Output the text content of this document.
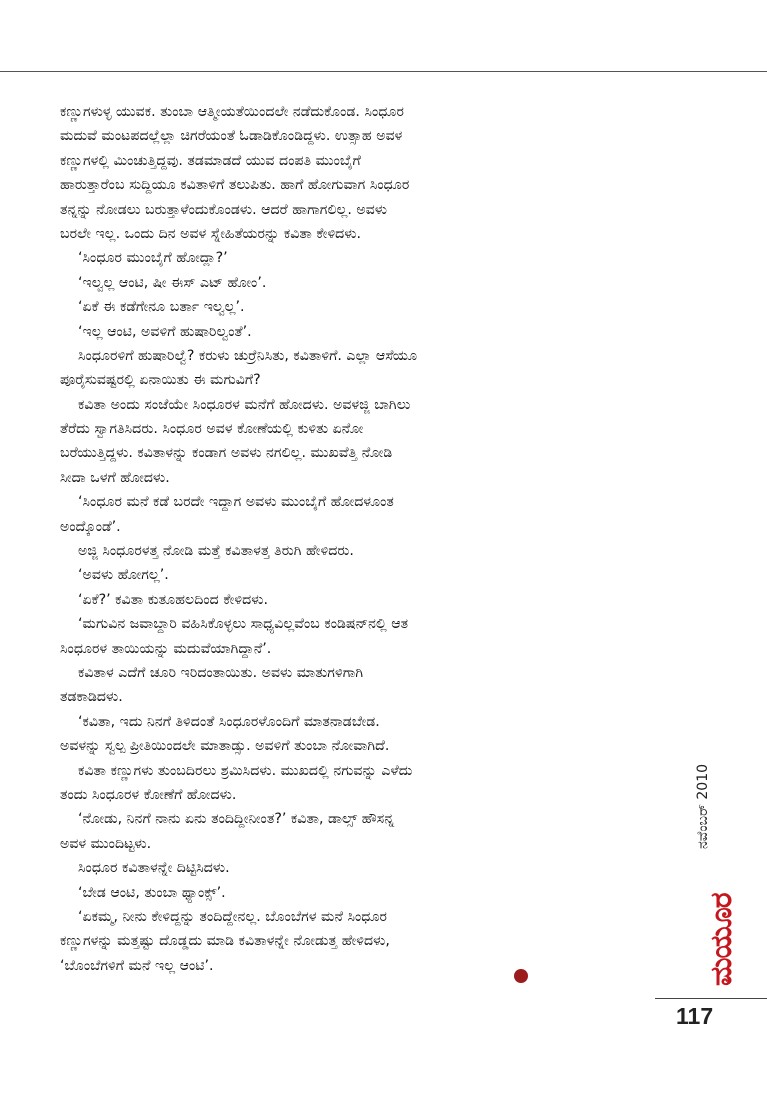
ಕಣ್ಣುಗಳುಳ್ಳ ಯುವಕ. ತುಂಬಾ ಆತ್ಮೀಯತೆಯಿಂದಲೇ ನಡೆದುಕೊಂಡ. ಸಿಂಧೂರ
ಮದುವೆ ಮಂಟಪದಲ್ಲೆಲ್ಲಾ ಚಿಗರೆಯಂತೆ ಓಡಾಡಿಕೊಂಡಿದ್ದಳು. ಉತ್ಸಾಹ ಅವಳ
ಕಣ್ಣುಗಳಲ್ಲಿ ಮಿಂಚುತ್ತಿದ್ದವು. ತಡಮಾಡದೆ ಯುವ ದಂಪತಿ ಮುಂಬೈಗೆ
ಹಾರುತ್ತಾರೆಂಬ ಸುದ್ದಿಯೂ ಕವಿತಾಳಿಗೆ ತಲುಪಿತು. ಹಾಗೆ ಹೋಗುವಾಗ ಸಿಂಧೂರ
ತನ್ನನ್ನು ನೋಡಲು ಬರುತ್ತಾಳೆಂದುಕೊಂಡಳು. ಆದರೆ ಹಾಗಾಗಲಿಲ್ಲ. ಅವಳು
ಬರಲೇ ಇಲ್ಲ. ಒಂದು ದಿನ ಅವಳ ಸ್ನೇಹಿತೆಯರನ್ನು ಕವಿತಾ ಕೇಳಿದಳು.
‘ಸಿಂಧೂರ ಮುಂಬೈಗೆ ಹೋದ್ಲಾ?’
‘ಇಲ್ವಲ್ಲ ಆಂಟಿ, ಷೀ ಈಸ್ ಎಟ್ ಹೋಂ’.
‘ಏಕೆ ಈ ಕಡೆಗೇನೂ ಬರ್ತಾ ಇಲ್ವಲ್ಲ’.
‘ಇಲ್ಲ ಆಂಟಿ, ಅವಳಿಗೆ ಹುಷಾರಿಲ್ವಂತೆ’.
ಸಿಂಧೂರಳಿಗೆ ಹುಷಾರಿಲ್ವೆ? ಕರುಳು ಚುರ್ರೆನಿಸಿತು, ಕವಿತಾಳಿಗೆ. ಎಲ್ಲಾ ಆಸೆಯೂ
ಪೂರೈಸುವಷ್ಟರಲ್ಲಿ ಏನಾಯಿತು ಈ ಮಗುವಿಗೆ?
ಕವಿತಾ ಅಂದು ಸಂಜೆಯೇ ಸಿಂಧೂರಳ ಮನೆಗೆ ಹೋದಳು. ಅವಳಜ್ಜಿ ಬಾಗಿಲು
ತೆರೆದು ಸ್ವಾಗತಿಸಿದರು. ಸಿಂಧೂರ ಅವಳ ಕೋಣೆಯಲ್ಲಿ ಕುಳಿತು ಏನೋ
ಬರೆಯುತ್ತಿದ್ದಳು. ಕವಿತಾಳನ್ನು ಕಂಡಾಗ ಅವಳು ನಗಲಿಲ್ಲ. ಮುಖವೆತ್ತಿ ನೋಡಿ
ಸೀದಾ ಒಳಗೆ ಹೋದಳು.
‘ಸಿಂಧೂರ ಮನೆ ಕಡೆ ಬರದೇ ಇದ್ದಾಗ ಅವಳು ಮುಂಬೈಗೆ ಹೋದಳೂಂತ
ಅಂದ್ಕೊಂಡೆ’.
ಅಜ್ಜಿ ಸಿಂಧೂರಳತ್ತ ನೋಡಿ ಮತ್ತೆ ಕವಿತಾಳತ್ತ ತಿರುಗಿ ಹೇಳಿದರು.
‘ಅವಳು ಹೋಗಲ್ಲ’.
‘ಏಕೆ?’ ಕವಿತಾ ಕುತೂಹಲದಿಂದ ಕೇಳಿದಳು.
‘ಮಗುವಿನ ಜವಾಬ್ದಾರಿ ವಹಿಸಿಕೊಳ್ಳಲು ಸಾಧ್ಯವಿಲ್ಲವೆಂಬ ಕಂಡಿಷನ್‌ನಲ್ಲಿ ಆತ
ಸಿಂಧೂರಳ ತಾಯಿಯನ್ನು ಮದುವೆಯಾಗಿದ್ದಾನೆ’.
ಕವಿತಾಳ ಎದೆಗೆ ಚೂರಿ ಇರಿದಂತಾಯಿತು. ಅವಳು ಮಾತುಗಳಿಗಾಗಿ
ತಡಕಾಡಿದಳು.
‘ಕವಿತಾ, ಇದು ನಿನಗೆ ತಿಳಿದಂತೆ ಸಿಂಧೂರಳೊಂದಿಗೆ ಮಾತನಾಡಬೇಡ.
ಅವಳನ್ನು ಸ್ವಲ್ಪ ಪ್ರೀತಿಯಿಂದಲೇ ಮಾತಾಡ್ಸು. ಅವಳಿಗೆ ತುಂಬಾ ನೋವಾಗಿದೆ.
ಕವಿತಾ ಕಣ್ಣುಗಳು ತುಂಬದಿರಲು ಶ್ರಮಿಸಿದಳು. ಮುಖದಲ್ಲಿ ನಗುವನ್ನು ಎಳೆದು
ತಂದು ಸಿಂಧೂರಳ ಕೋಣೆಗೆ ಹೋದಳು.
‘ನೋಡು, ನಿನಗೆ ನಾನು ಏನು ತಂದಿದ್ದೀನೀಂತ?’ ಕವಿತಾ, ಡಾಲ್ಸ್ ಹೌಸನ್ನ
ಅವಳ ಮುಂದಿಟ್ಟಳು.
ಸಿಂಧೂರ ಕವಿತಾಳನ್ನೇ ದಿಟ್ಟಿಸಿದಳು.
‘ಬೇಡ ಆಂಟಿ, ತುಂಬಾ ಥ್ಯಾಂಕ್ಸ್’.
‘ಏಕಮ್ಮ, ನೀನು ಕೇಳಿದ್ದನ್ನು ತಂದಿದ್ದೇನಲ್ಲ. ಬೊಂಬೆಗಳ ಮನೆ ಸಿಂಧೂರ
ಕಣ್ಣುಗಳನ್ನು ಮತ್ತಷ್ಟು ದೊಡ್ಡದು ಮಾಡಿ ಕವಿತಾಳನ್ನೇ ನೋಡುತ್ತ ಹೇಳಿದಳು,
‘ಬೊಂಬೆಗಳಿಗೆ ಮನೆ ಇಲ್ಲ ಆಂಟಿ’.
ನವೆಂಬರ್ 2010
ಮಯೂರ
117
